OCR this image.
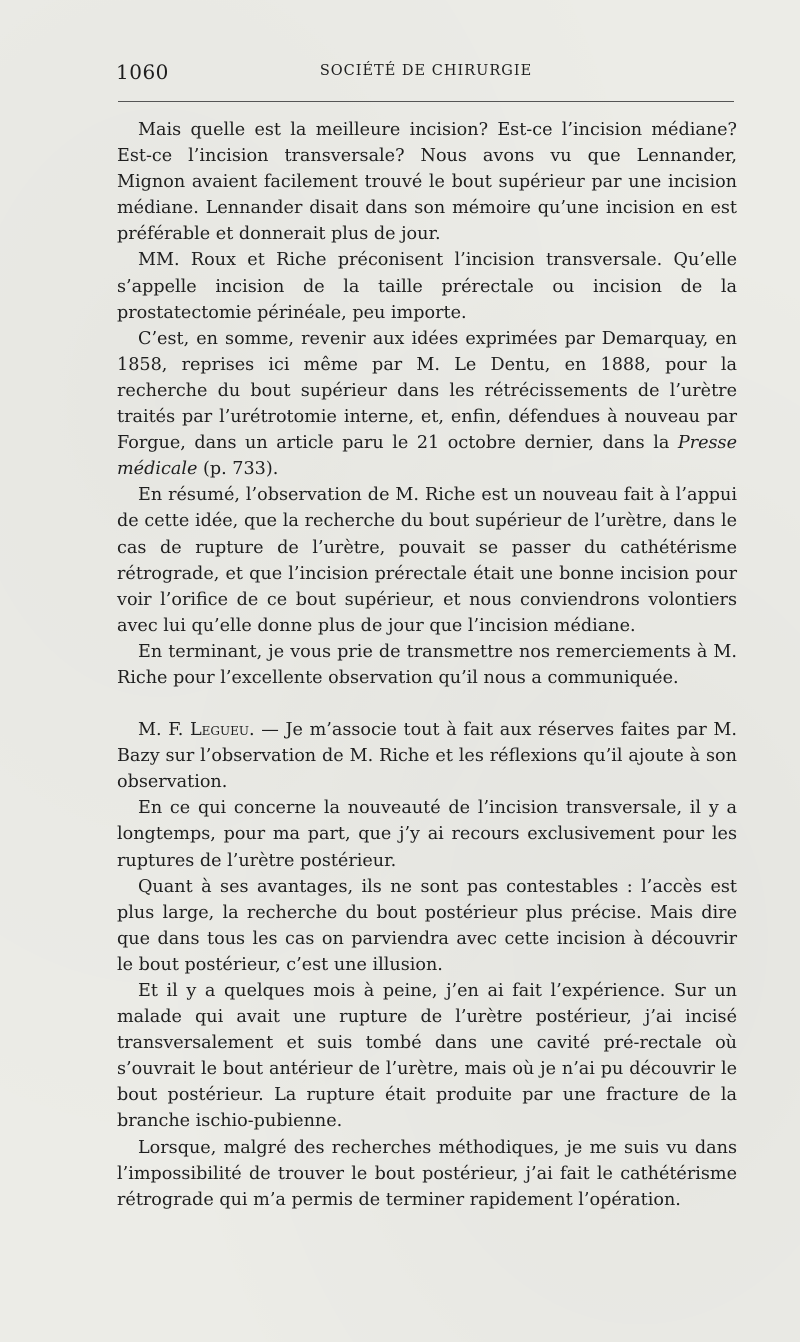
1060	SOCIÉTÉ DE CHIRURGIE

Mais quelle est la meilleure incision? Est-ce l’incision médiane? Est-ce l’incision transversale? Nous avons vu que Lennander, Mignon avaient facilement trouvé le bout supérieur par une incision médiane. Lennander disait dans son mémoire qu’une incision en est préférable et donnerait plus de jour.

MM. Roux et Riche préconisent l’incision transversale. Qu’elle s’appelle incision de la taille prérectale ou incision de la prostatectomie périnéale, peu importe.

C’est, en somme, revenir aux idées exprimées par Demarquay, en 1858, reprises ici même par M. Le Dentu, en 1888, pour la recherche du bout supérieur dans les rétrécissements de l’urètre traités par l’urétrotomie interne, et, enfin, défendues à nouveau par Forgue, dans un article paru le 21 octobre dernier, dans la Presse médicale (p. 733).

En résumé, l’observation de M. Riche est un nouveau fait à l’appui de cette idée, que la recherche du bout supérieur de l’urètre, dans le cas de rupture de l’urètre, pouvait se passer du cathétérisme rétrograde, et que l’incision prérectale était une bonne incision pour voir l’orifice de ce bout supérieur, et nous conviendrons volontiers avec lui qu’elle donne plus de jour que l’incision médiane.

En terminant, je vous prie de transmettre nos remerciements à M. Riche pour l’excellente observation qu’il nous a communiquée.

M. F. Legueu. — Je m’associe tout à fait aux réserves faites par M. Bazy sur l’observation de M. Riche et les réflexions qu’il ajoute à son observation.

En ce qui concerne la nouveauté de l’incision transversale, il y a longtemps, pour ma part, que j’y ai recours exclusivement pour les ruptures de l’urètre postérieur.

Quant à ses avantages, ils ne sont pas contestables : l’accès est plus large, la recherche du bout postérieur plus précise. Mais dire que dans tous les cas on parviendra avec cette incision à découvrir le bout postérieur, c’est une illusion.

Et il y a quelques mois à peine, j’en ai fait l’expérience. Sur un malade qui avait une rupture de l’urètre postérieur, j’ai incisé transversalement et suis tombé dans une cavité pré-rectale où s’ouvrait le bout antérieur de l’urètre, mais où je n’ai pu découvrir le bout postérieur. La rupture était produite par une fracture de la branche ischio-pubienne.

Lorsque, malgré des recherches méthodiques, je me suis vu dans l’impossibilité de trouver le bout postérieur, j’ai fait le cathétérisme rétrograde qui m’a permis de terminer rapidement l’opération.
